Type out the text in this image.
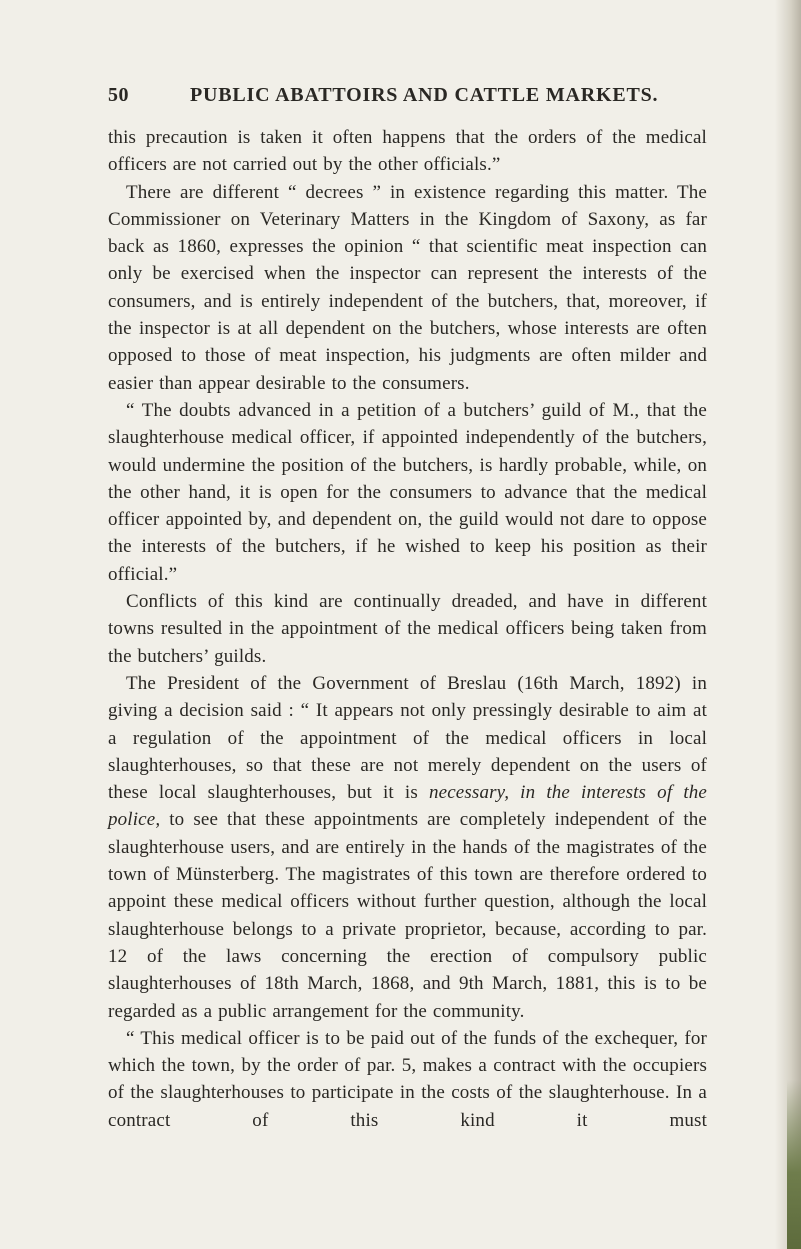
50	PUBLIC ABATTOIRS AND CATTLE MARKETS.

this precaution is taken it often happens that the orders of the medical officers are not carried out by the other officials.”

There are different “ decrees ” in existence regarding this matter. The Commissioner on Veterinary Matters in the Kingdom of Saxony, as far back as 1860, expresses the opinion “ that scientific meat inspection can only be exercised when the inspector can represent the interests of the consumers, and is entirely independent of the butchers, that, moreover, if the inspector is at all dependent on the butchers, whose interests are often opposed to those of meat inspection, his judgments are often milder and easier than appear desirable to the consumers.

“ The doubts advanced in a petition of a butchers’ guild of M., that the slaughterhouse medical officer, if appointed independently of the butchers, would undermine the position of the butchers, is hardly probable, while, on the other hand, it is open for the consumers to advance that the medical officer appointed by, and dependent on, the guild would not dare to oppose the interests of the butchers, if he wished to keep his position as their official.”

Conflicts of this kind are continually dreaded, and have in different towns resulted in the appointment of the medical officers being taken from the butchers’ guilds.

The President of the Government of Breslau (16th March, 1892) in giving a decision said : “ It appears not only pressingly desirable to aim at a regulation of the appointment of the medical officers in local slaughterhouses, so that these are not merely dependent on the users of these local slaughterhouses, but it is necessary, in the interests of the police, to see that these appointments are completely independent of the slaughterhouse users, and are entirely in the hands of the magistrates of the town of Münsterberg. The magistrates of this town are therefore ordered to appoint these medical officers without further question, although the local slaughterhouse belongs to a private proprietor, because, according to par. 12 of the laws concerning the erection of compulsory public slaughterhouses of 18th March, 1868, and 9th March, 1881, this is to be regarded as a public arrangement for the community.

“ This medical officer is to be paid out of the funds of the exchequer, for which the town, by the order of par. 5, makes a contract with the occupiers of the slaughterhouses to participate in the costs of the slaughterhouse. In a contract of this kind it must
